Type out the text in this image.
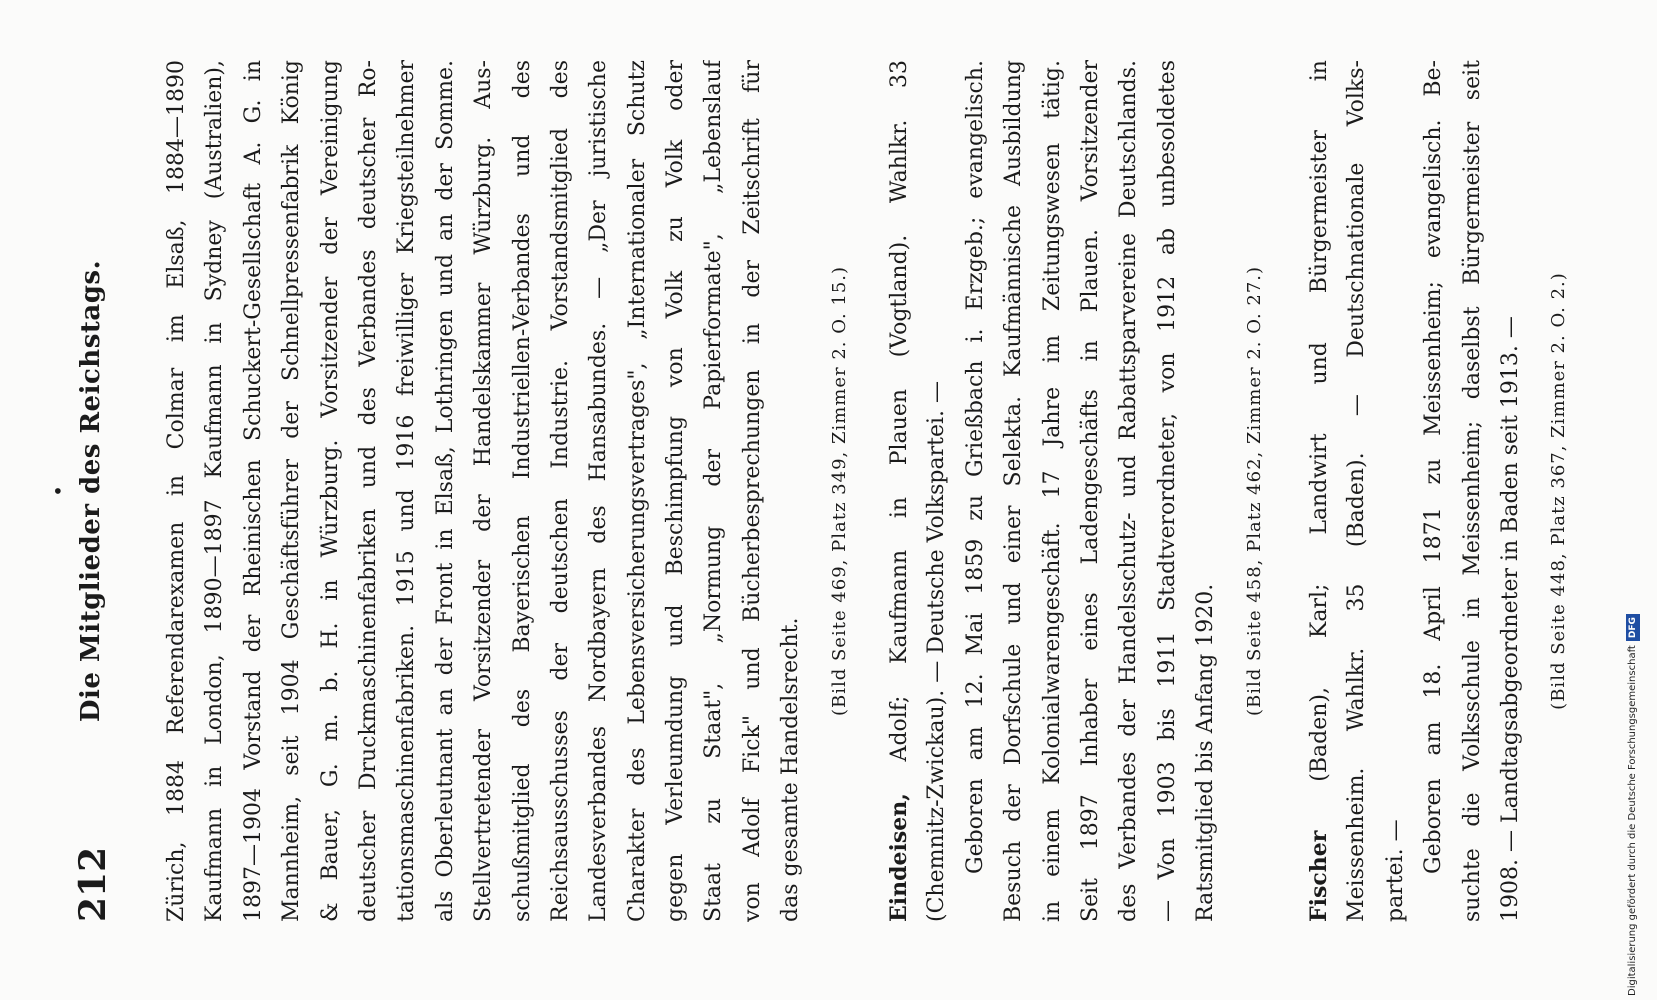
•
212
Die Mitglieder des Reichstags.	Zürich, 1884 Referendarexamen in Colmar im Elsaß, 1884—1890 Kaufmann in London, 1890—1897 Kaufmann in Sydney (Australien), 1897—1904 Vorstand der Rheinischen Schuckert-Gesellschaft A. G. in Mannheim, seit 1904 Geschäftsführer der Schnellpressenfabrik König & Bauer, G. m. b. H. in Würzburg. Vorsitzender der Vereinigung deutscher Druckmaschinenfabriken und des Verbandes deutscher Ro- tationsmaschinenfabriken. 1915 und 1916 freiwilliger Kriegsteilnehmer als Oberleutnant an der Front in Elsaß, Lothringen und an der Somme. Stellvertretender Vorsitzender der Handelskammer Würzburg. Aus- schußmitglied des Bayerischen Industriellen-Verbandes und des Reichsausschusses der deutschen Industrie. Vorstandsmitglied des Landesverbandes Nordbayern des Hansabundes. — „Der juristische Charakter des Lebensversicherungsvertrages", „Internationaler Schutz gegen Verleumdung und Beschimpfung von Volk zu Volk oder Staat zu Staat", „Normung der Papierformate", „Lebenslauf von Adolf Fick" und Bücherbesprechungen in der Zeitschrift für das gesamte Handelsrecht.
(Bild Seite 469, Platz 349, Zimmer 2. O. 15.)
Eindeisen, Adolf; Kaufmann in Plauen (Vogtland). Wahlkr. 33 (Chemnitz-Zwickau). — Deutsche Volkspartei. — Geboren am 12. Mai 1859 zu Grießbach i. Erzgeb.; evangelisch. Besuch der Dorfschule und einer Selekta. Kaufmännische Ausbildung in einem Kolonialwarengeschäft. 17 Jahre im Zeitungswesen tätig. Seit 1897 Inhaber eines Ladengeschäfts in Plauen. Vorsitzender des Verbandes der Handelsschutz- und Rabattsparvereine Deutschlands. — Von 1903 bis 1911 Stadtverordneter, von 1912 ab unbesoldetes Ratsmitglied bis Anfang 1920.
(Bild Seite 458, Platz 462, Zimmer 2. O. 27.)
Fischer (Baden), Karl; Landwirt und Bürgermeister in Meissenheim. Wahlkr. 35 (Baden). — Deutschnationale Volks- partei. — Geboren am 18. April 1871 zu Meissenheim; evangelisch. Be- suchte die Volksschule in Meissenheim; daselbst Bürgermeister seit 1908. — Landtagsabgeordneter in Baden seit 1913. —	(Bild Seite 448, Platz 367, Zimmer 2. O. 2.)
Digitalisierung gefördert durch die Deutsche ForschungsgemeinschaftDFG
